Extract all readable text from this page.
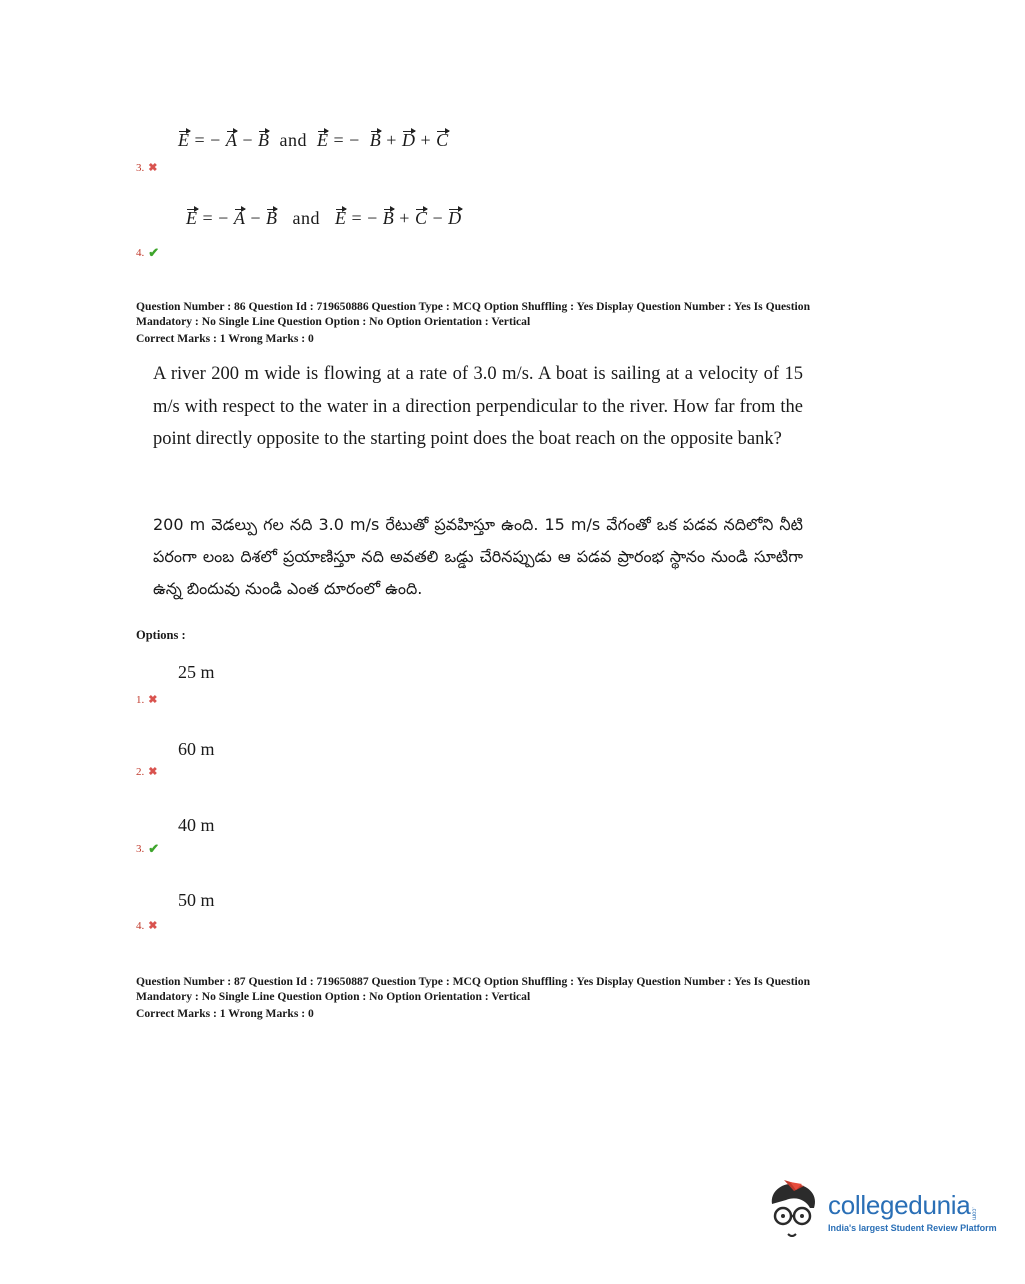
E = − A − B and E = −  B + D + C
3. ✖
E = − A − B and E = − B + C − D
4. ✔
Question Number : 86 Question Id : 719650886 Question Type : MCQ Option Shuffling : Yes Display Question Number : Yes Is Question
Mandatory : No Single Line Question Option : No Option Orientation : Vertical
Correct Marks : 1 Wrong Marks : 0
A river 200 m wide is flowing at a rate of 3.0 m/s. A boat is sailing at a velocity of 15 m/s with respect to the water in a direction perpendicular to the river. How far from the point directly opposite to the starting point does the boat reach on the opposite bank?
200 m వెడల్పు గల నది 3.0 m/s రేటుతో ప్రవహిస్తూ ఉంది. 15 m/s వేగంతో ఒక పడవ నదిలోని నీటి పరంగా లంబ దిశలో ప్రయాణిస్తూ నది అవతలి ఒడ్డు చేరినప్పుడు ఆ పడవ ప్రారంభ స్థానం నుండి సూటిగా ఉన్న బిందువు నుండి ఎంత దూరంలో ఉంది.
Options :
25 m
1. ✖
60 m
2. ✖
40 m
3. ✔
50 m
4. ✖
Question Number : 87 Question Id : 719650887 Question Type : MCQ Option Shuffling : Yes Display Question Number : Yes Is Question
Mandatory : No Single Line Question Option : No Option Orientation : Vertical
Correct Marks : 1 Wrong Marks : 0
collegedunia .com
India's largest Student Review Platform
